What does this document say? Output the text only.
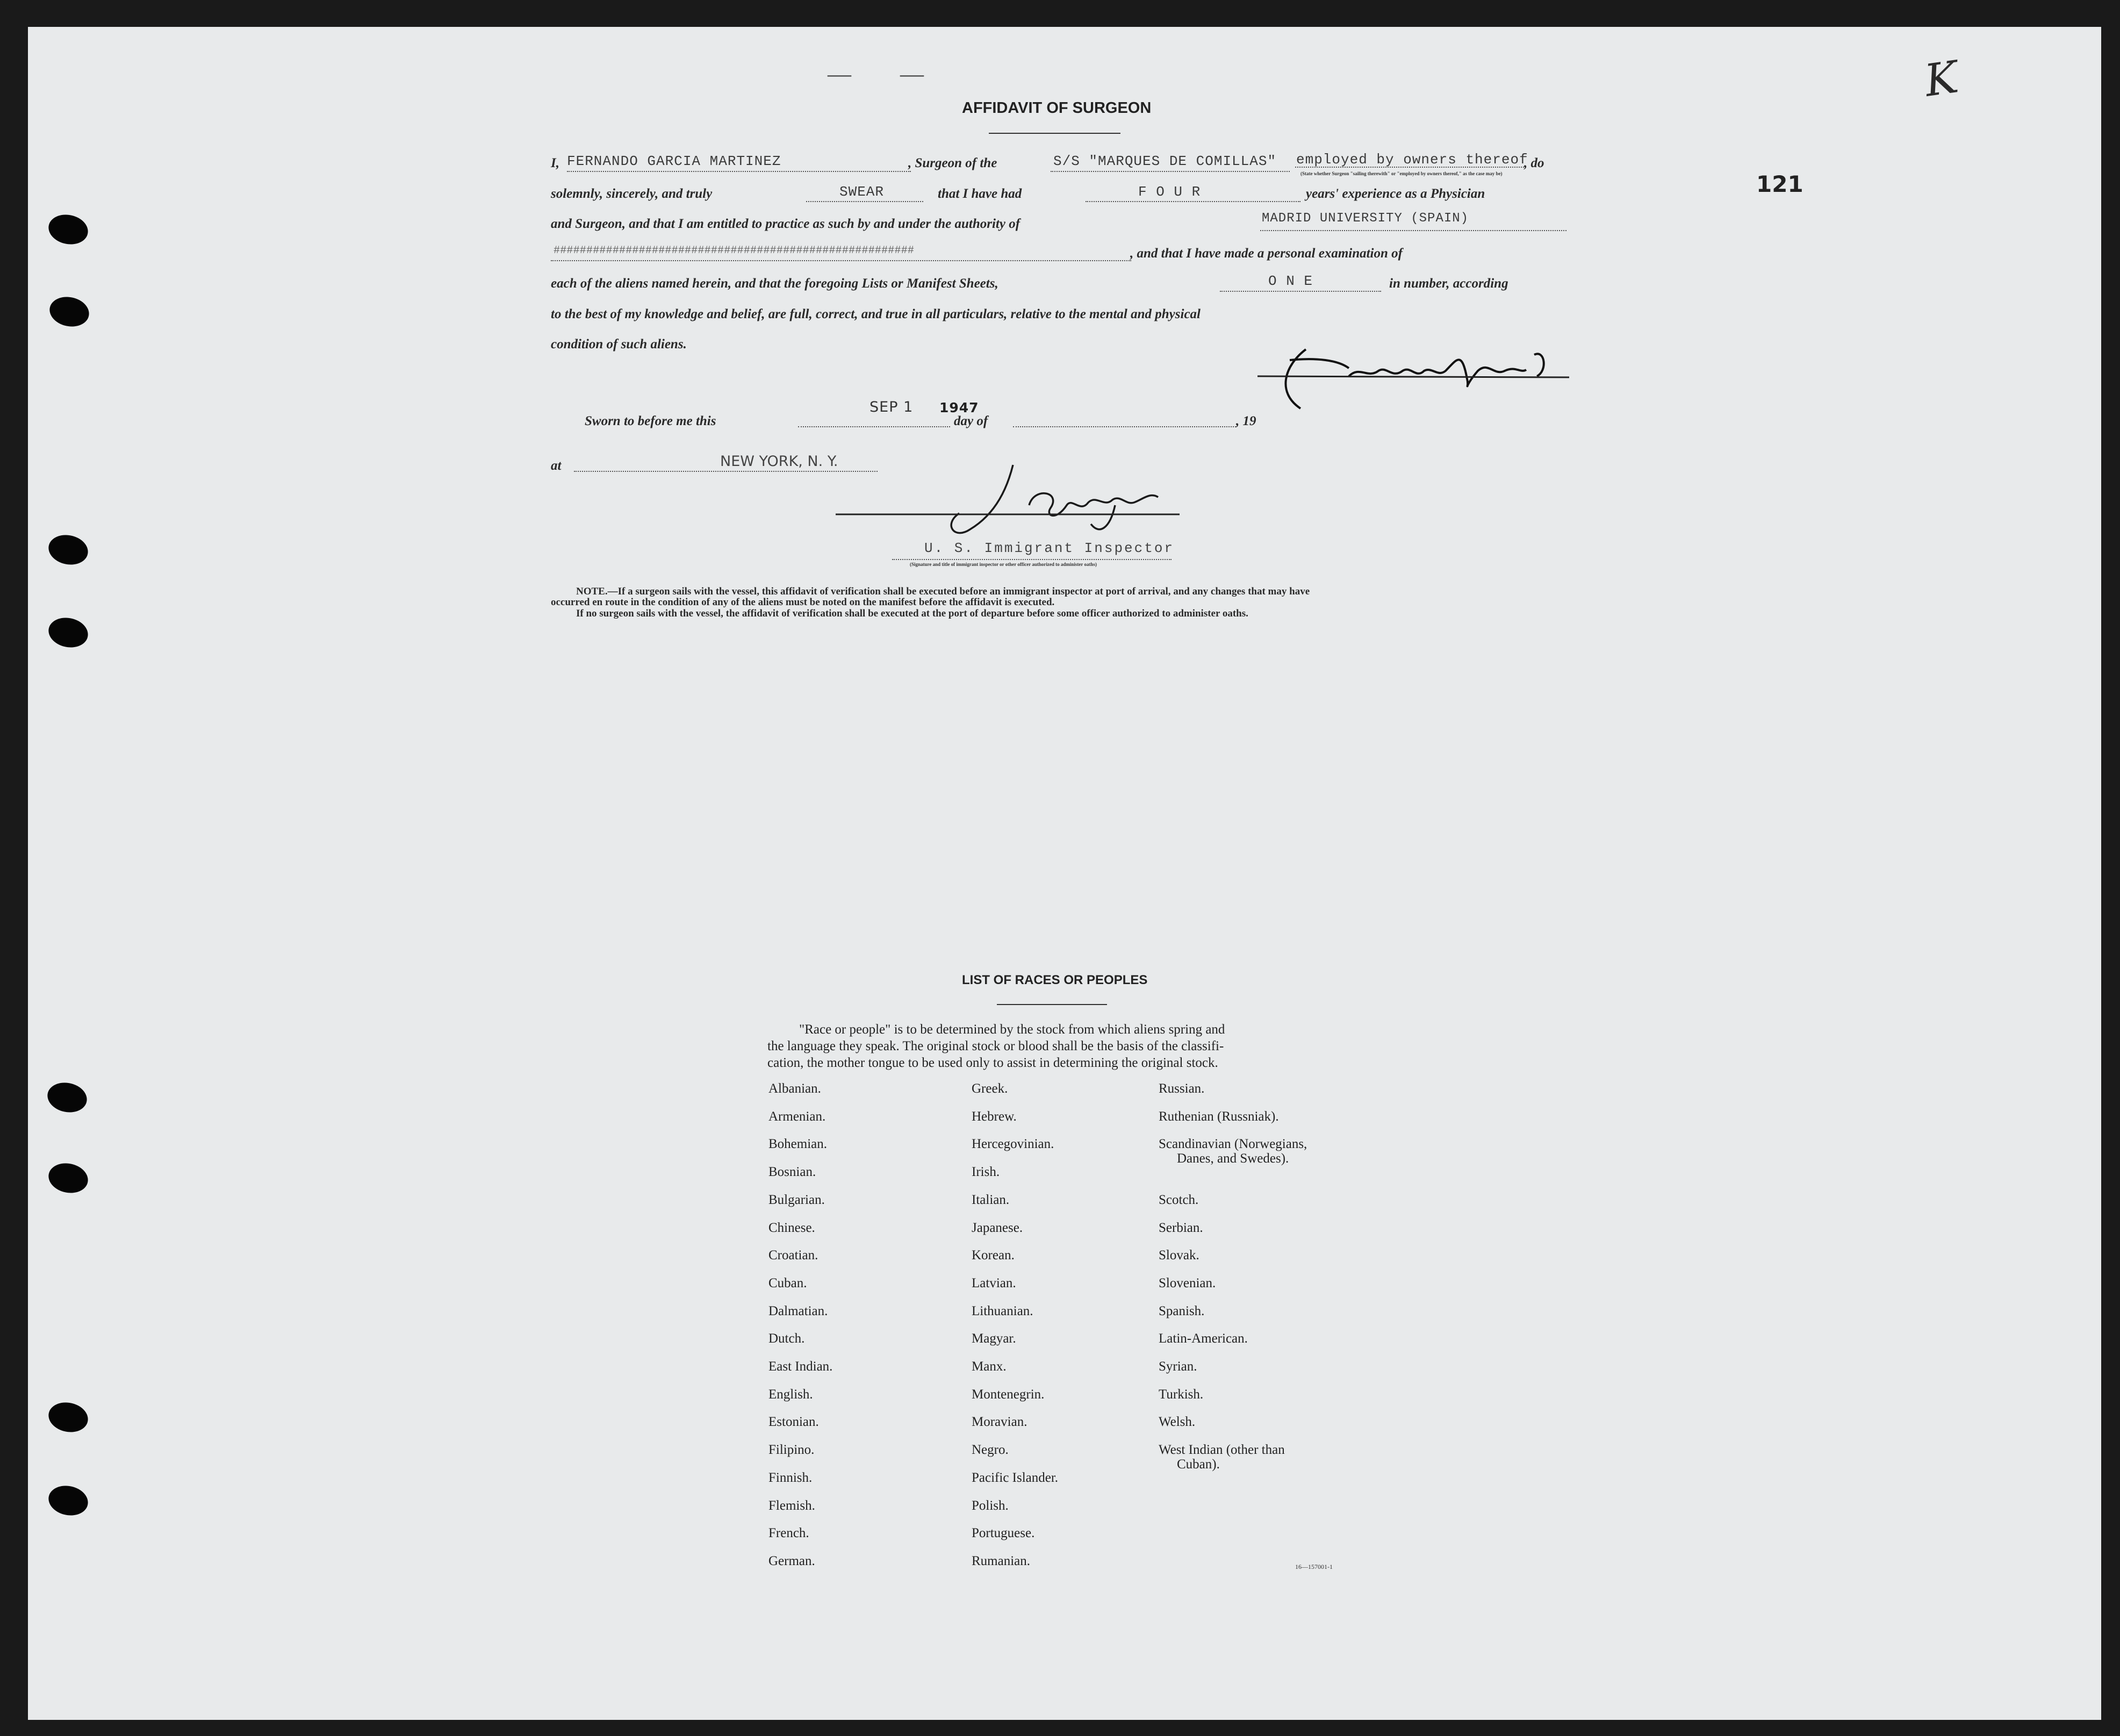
— —	K
121
AFFIDAVIT OF SURGEON
I, FERNANDO GARCIA MARTINEZ	, Surgeon of the	S/S "MARQUES DE COMILLAS" employed by owners thereof
, do
(State whether Surgeon "sailing therewith" or "employed by owners thereof," as the case may be)
solemnly, sincerely, and truly	SWEAR	that I have had	F O U R	years' experience as a Physician
and Surgeon, and that I am entitled to practice as such by and under the authority of	MADRID UNIVERSITY (SPAIN)
#######################################################	, and that I have made a personal examination of
each of the aliens named herein, and that the foregoing Lists or Manifest Sheets,	O N E	in number, according
to the best of my knowledge and belief, are full, correct, and true in all particulars, relative to the mental and physical
condition of such aliens.
Sworn to before me this
SEP 1 1947
day of	, 19
at	NEW YORK, N. Y.
U. S. Immigrant Inspector
(Signature and title of immigrant inspector or other officer authorized to administer oaths)
NOTE.—If a surgeon sails with the vessel, this affidavit of verification shall be executed before an immigrant inspector at port of arrival, and any changes that may have
occurred en route in the condition of any of the aliens must be noted on the manifest before the affidavit is executed.
If no surgeon sails with the vessel, the affidavit of verification shall be executed at the port of departure before some officer authorized to administer oaths.
LIST OF RACES OR PEOPLES
"Race or people" is to be determined by the stock from which aliens spring and
the language they speak. The original stock or blood shall be the basis of the classifi-
cation, the mother tongue to be used only to assist in determining the original stock.
Albanian.
Armenian.
Bohemian.
Bosnian.
Bulgarian.
Chinese.
Croatian.
Cuban.
Dalmatian.
Dutch.
East Indian.
English.
Estonian.
Filipino.
Finnish.
Flemish.
French.
German.
Greek.
Hebrew.
Hercegovinian.
Irish.
Italian.
Japanese.
Korean.
Latvian.
Lithuanian.
Magyar.
Manx.
Montenegrin.
Moravian.
Negro.
Pacific Islander.
Polish.
Portuguese.
Rumanian.
Russian.
Ruthenian (Russniak).
Scandinavian (Norwegians,
Danes, and Swedes).
Scotch.
Serbian.
Slovak.
Slovenian.
Spanish.
Latin-American.
Syrian.
Turkish.
Welsh.
West Indian (other than
Cuban).
16—157001-1
